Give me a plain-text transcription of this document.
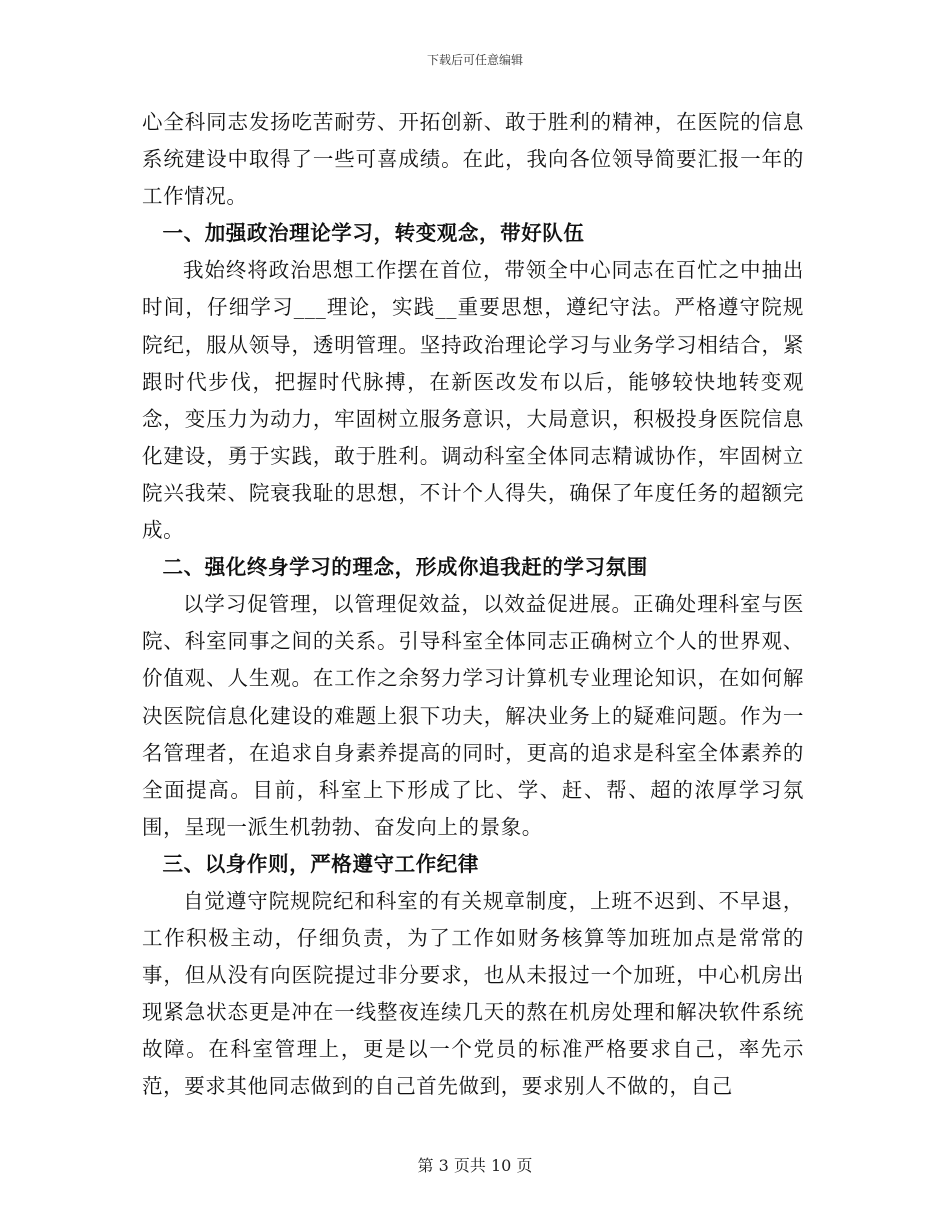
下载后可任意编辑

心全科同志发扬吃苦耐劳、开拓创新、敢于胜利的精神，在医院的信息系统建设中取得了一些可喜成绩。在此，我向各位领导简要汇报一年的工作情况。

一、加强政治理论学习，转变观念，带好队伍

我始终将政治思想工作摆在首位，带领全中心同志在百忙之中抽出时间，仔细学习___理论，实践__重要思想，遵纪守法。严格遵守院规院纪，服从领导，透明管理。坚持政治理论学习与业务学习相结合，紧跟时代步伐，把握时代脉搏，在新医改发布以后，能够较快地转变观念，变压力为动力，牢固树立服务意识，大局意识，积极投身医院信息化建设，勇于实践，敢于胜利。调动科室全体同志精诚协作，牢固树立院兴我荣、院衰我耻的思想，不计个人得失，确保了年度任务的超额完成。

二、强化终身学习的理念，形成你追我赶的学习氛围

以学习促管理，以管理促效益，以效益促进展。正确处理科室与医院、科室同事之间的关系。引导科室全体同志正确树立个人的世界观、价值观、人生观。在工作之余努力学习计算机专业理论知识，在如何解决医院信息化建设的难题上狠下功夫，解决业务上的疑难问题。作为一名管理者，在追求自身素养提高的同时，更高的追求是科室全体素养的全面提高。目前，科室上下形成了比、学、赶、帮、超的浓厚学习氛围，呈现一派生机勃勃、奋发向上的景象。

三、以身作则，严格遵守工作纪律

自觉遵守院规院纪和科室的有关规章制度，上班不迟到、不早退，工作积极主动，仔细负责，为了工作如财务核算等加班加点是常常的事，但从没有向医院提过非分要求，也从未报过一个加班，中心机房出现紧急状态更是冲在一线整夜连续几天的熬在机房处理和解决软件系统故障。在科室管理上，更是以一个党员的标准严格要求自己，率先示范，要求其他同志做到的自己首先做到，要求别人不做的，自己

第 3 页共 10 页
